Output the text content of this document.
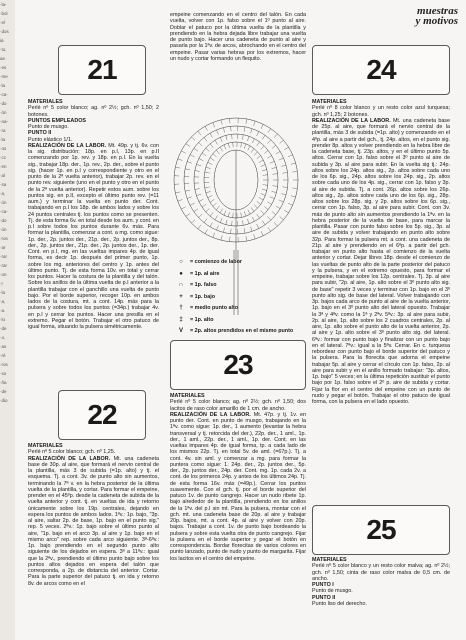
·la-
·bol
·el
·dos
ia
·to,
ae
·es
·me
·la
·ca-
·do
·ón
·na-
·ra
·la
·os
·cc
·en
·al
·sa
·a,
·ón
·ca-
·do
·ón
·ros
·ar
·rar
·rar
·on
·r
·la
·a,
·a.
·lo
·de
·o,
·as
·ré
·ros
·so
·ña
·de
·dio
muestras
y motivos
21

MATERIALES
Perlé nº 5 color blanco; ag. nº 2½; gch. nº 1,50; 2 botones.

PUNTOS EMPLEADOS
Punto de musgo.

PUNTO II
Punto elástico 1/1.

REALIZACIÓN DE LA LABOR. Mt. 49p. y tj. 6v. con la sig. distribución: 18p. en p.I, 13p. en p.II comenzando por 1p. rev. y 18p. en p.I. En la vuelta sig., trabajar 18p. der., 1p. rev., 2p. der., sobre el punto sig. (hacer 1p. en p.I y correspondiente y otro en el punto de la 2ª vuelta anterior), trabajar 2p. rev. en el punto rev. siguiente (uno en el punto y otro en el punto de la 2ª vuelta anterior). Repetir estos aum. sobre los puntos sig. en p.II, excepto el último punto rev. (=11 aum.) y terminar la vuelta en punto der. Cont. trabajando en p.I los 18p. de ambos lados y sobre los 24 puntos centrales tj. los puntos como se presenten. Tj. de esta forma 6v. en total desde los aum. y cont. en p.I sobre todos los puntos durante 6v. más. Para formar la plantilla, comenzar a cont. a mg. como sigue: 1p. der., 2p. juntos der., 21p. der., 2p. juntos der., 8p. der., 2p. juntos der., 21p. der., 2p. juntos der., 1p. der. Cont. en p.I, mg. en las vueltas impares 4p. de igual forma, es decir 1p. después del primer punto, 1p. sobre los mg. anteriores del centro y 1p. antes del último punto. Tj. de esta forma 10v. en total y cerrar los puntos. Hacer la costura de la plantilla y del talón. Sobre los anillos de la última vuelta de p.I anterior a la plantilla trabajar con el ganchillo una vuelta de punto bajo. Por el borde superior, recoger 10p. en ambos lados de la costura, mt. a cont. 14p. más para la pulsera y sobre todos los puntos (=34p.) trabajar 4v. en p.I y cerrar los puntos. Hacer una presilla en el extremo. Pegar el botón. Trabajar el otro patuco de igual forma, situando la pulsera simétricamente.

22

MATERIALES
Perlé nº 5 color blanco; gch. nº 1,25.

REALIZACIÓN DE LA LABOR. Mt. una cadeneta base de 30p. al aire, que formará el nervio central de la plantilla, más 3 de subida (=1p. alto) y tj. el esquema. Tj. a cont. 3v. de punto alto sin aumentos, terminando la 7ª v. en la hebra posterior de la última vuelta de la plantilla, y cortar. Para formar el empeine, prender en el 45ºp. desde la cadeneta de subida de la vuelta anterior y cont. tj. en vueltas de ida y retorno únicamente sobre los 19p. centrales, dejando en espera los puntos de ambos lados. 1ªv.: 1p. bajo, "3p. al aire, saltar 2p. de base, 1p. bajo en el punto sig." rep. 5 veces. 2ªv.: 1p. bajo sobre el último punto al aire, "1p. bajo en el arco 3p. al aire y 1p. bajo en el mismo arco" rep. sobre cada arco siguiente. 3ª-6ªv.: 1p. bajo prendiendo en el segundo punto alto siguiente de los dejados en espera. 3ª a 11ªv.: igual que la 2ªv., prendiendo el último punto bajo sobre los puntos altos dejados en espera del talón que corresponda, a 2p. de distancia del anterior. Cortar. Para la parte superior del patuco tj. en ida y retorno 8v. de arcos como en el

empeine comenzando en el centro del talón. En cada vuelta, volver con 1p. falso sobre el 1º punto al aire. Doblar el patuco por la última vuelta de la plantilla y prendiendo en la hebra dejada libre trabajar una vuelta de punto bajo. Hacer una cadeneta de punto al aire y pasarla por la 1ªv. de arcos, abrochando en el centro del empeine. Pasar varias hebras por los extremos, hacer un nudo y cortar formando un flequito.

○	= comienzo de labor
●	= 1p. al aire
∩	= 1p. falso
+	= 1p. bajo
†	= medio punto alto
‡	= 1p. alto
V	= 2p. altos prendidos en el mismo punto
23

MATERIALES
Perlé nº 5 color blanco; ag. nº 2½; gch. nº 1,50; dos lacitos de raso color amarillo de 1 cm. de ancho.

REALIZACIÓN DE LA LABOR. Mt. 47p. y tj. 1v. en punto der. Cont. en punto de musgo, trabajando en la 1ªv. como sigue: 1p. der., 1 aumento (levantar la hebra transversal y tj. retorcida del der.), 22p. der., 1 aml., 1p. der., 1 aml., 22p. der., 1 aml., 1p. der. Cont. en las vueltas impares 4p. de igual forma, tp. a cada lado de los mismos 22p. Tj. en total 5v. de aml. (=67p.). Tj. a cont. 4v. sin aml. y comenzar a mg. para formar la puntera como sigue: 1. 24p. der., 2p. juntos der., 5p. der., 2p. juntos der., 24p. der. Cont. mg. 1p. cada 2v. a cont. de los primeros 24p. y antes de los últimos 24p. Tj. de esta forma 16v. más (=49p.). Cerrar los puntos suavemente. Con el gch. tj. por el borde superior del patuco 1v. de punto cangrejo. Hacer un nudo ribete 1p. bajo alrededor de la plantilla, prendiendo en los anillos de la 1ªv. del p.I sin mt. Para la pulsera, montar con el gch. mt. una cadeneta base de 20p. al aire y trabajar 20p. bajos, mt. a cont. 4p. al aire y volver con 20p. bajos. Trabajar a cont. 1v. de punto bajo bordeando la pulsera y sobre esta vuelta otra de punto cangrejo. Fijar la pulsera en el borde superior y pegar el botón en correspondencia. Bordar florecitas de varios colores en punto lanzado, punto de nudo y punto de margarita. Fijar los lacitos en el centro del empeine.

24

MATERIALES
Perlé nº 8 color blanco y un resto color azul turquesa; gch. nº 1,25; 2 botones.

REALIZACIÓN DE LA LABOR. Mt. una cadeneta base de 25p. al aire, que formará el nervio central de la plantilla, más 3 de subida (=1p. alto) y comenzando en el 4ºp. al aire a partir del gch., tj. 24p. altos, en el punto sig. prender 8p. altos y volver prendiendo en la hebra libre de la cadeneta base, tj. 23p. altos, y en el último punto 5p. altos. Cerrar con 1p. falso sobre el 3º punto al aire de subida y 3p. al aire para subir. En la vuelta sig tj.: 24p. altos sobre los 24p. altos sig., 2p. altos sobre cada uno de los 6p. sig., 24p. altos sobre los 24p. sig., 2p. altos sobre cada uno de los 4p. sig., cerrar con 1p. falso y 3p. al aire de subida. Tj. a cont. 26p. altos sobre los 26p. altos sig., 2p. altos sobre cada uno de los 6p. sig., 28p. altos sobre los 28p. sig. y 2p. altos sobre los 6p. sig., cerrar con 1p. falso, 3p. al aire para subir. Cont. con 3v. más de punto alto sin aumentos prendiendo la 1ªv. en la hebra posterior de la vuelta de base, para marcar la plantilla. Pasar con punto falso sobre los 5p. sig., 3p. al aire de subida y volver trabajando en punto alto sobre 32p. Para formar la pulsera mt. a cont. una cadeneta de 21p. al aire y prendiendo en el 6ºp. a partir del gch. trabajar en punto alto hasta el comienzo de la vuelta anterior y cortar. Dejar libres 18p. desde el comienzo de las vueltas de punto alto de la parte posterior del patuco y la pulsera, y en el extremo opuesto, para formar el empeine, trabajar sobre los 12p. centrales. Tj. 3p. al aire para subir, "2p. al aire, 1p. alto sobre el 3º punto alto sig. de base" repetir 3 veces y terminar con 1p. bajo en el 3º punto alto sig. de base del lateral. Volver trabajando con 3p. bajos cada arco de punto al aire de la vuelta anterior, 1p. bajo en el 3º punto alto del lateral opuesto. Trabajar la 3ª y 4ªv. como la 1ª y 2ªv. 5ªv.: 3p. al aire para subir, 2p. al aire, 1p. alto sobre los 2 cuadros centrales, 2p. al aire, 1p. alto sobre el punto alto de la vuelta anterior, 2p. al aire y 1p. alto sobre el 3º punto alto sig. del lateral. 6ªv.: formar con punto bajo y finalizar con un punto bajo en el lateral. 7ªv.: igual a la 5ªv. Cerrar. En c. turquesa rebordear con punto bajo el borde superior del patuco y la pulsera. Para la florecita que adorna el empeine trabajar 5p. al aire y cerrar el círculo con 1p. falso, 2p. al aire para subir y en el anillo formado trabajar: "3p. altos, 1p. bajo" 5 veces; en la última repetición sustituir el punto bajo por 1p. falso sobre el 2º p. aire de subida y cortar. Fijar la flor en el centro del empeine con un punto de nudo y pegar el botón. Trabajar el otro patuco de igual forma, con la pulsera en el lado opuesto.

25

MATERIALES
Perlé nº 5 color blanco y un resto color malva; ag. nº 2½; gch. nº 1,50; cinta de raso color malva de 0,5 cm. de ancho.

PUNTO I
Punto de musgo.

PUNTO II
Punto liso del derecho.
